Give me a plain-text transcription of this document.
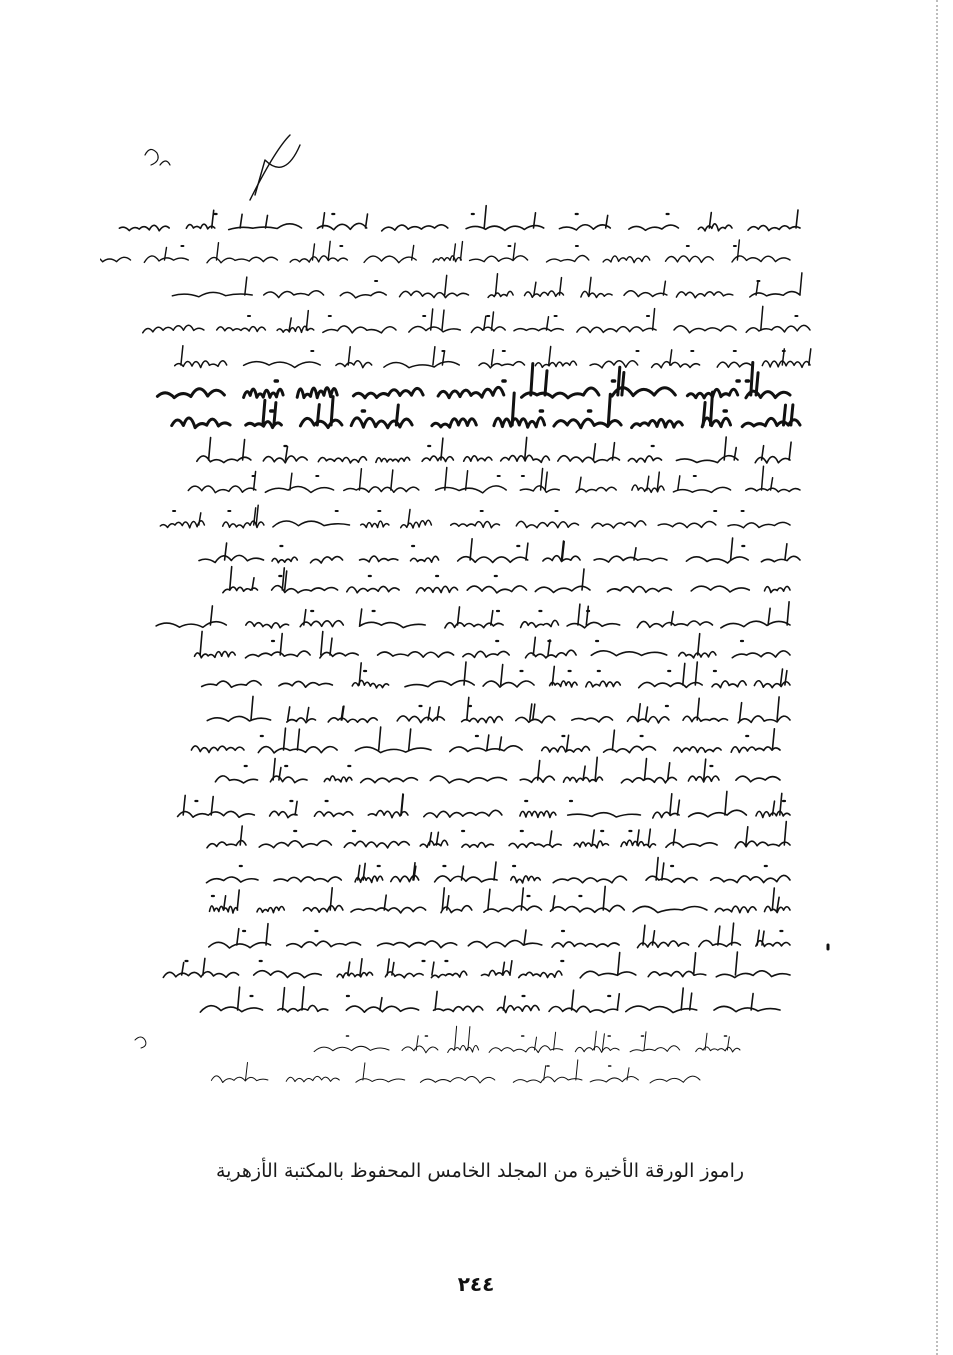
راموز الورقة الأخيرة من المجلد الخامس المحفوظ بالمكتبة الأزهرية
٢٤٤
